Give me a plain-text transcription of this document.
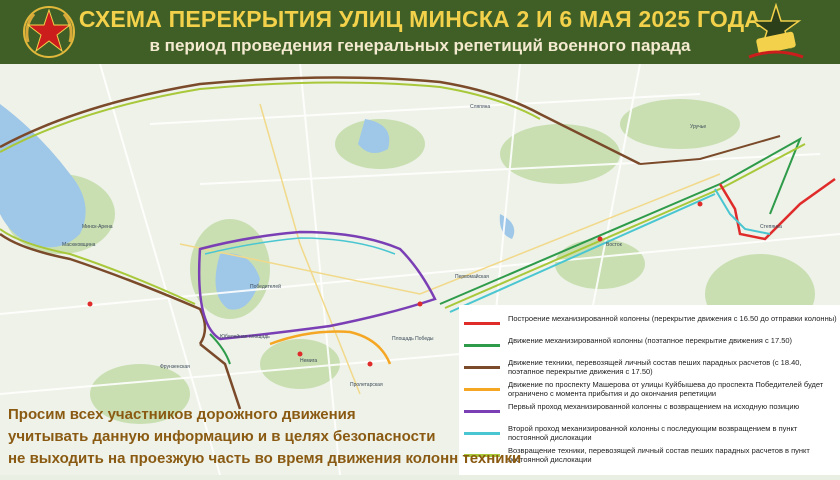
СХЕМА ПЕРЕКРЫТИЯ УЛИЦ МИНСКА 2 И 6 МАЯ 2025 ГОДА
в период проведения генеральных репетиций военного парада
Масюковщина
Минск-Арена
Немига
Победителей
Площадь Победы
Восток
Уручье
Степянка
Сляпяна
Юбилейная площадь
Фрунзенская
Первомайская
Пролетарская
Построение механизированной колонны (перекрытие движения с 16.50 до отправки колонны)
Движение механизированной колонны (поэтапное перекрытие движения с 17.50)
Движение техники, перевозящей личный состав пеших парадных расчетов (с 18.40, поэтапное перекрытие движения с 17.50)
Движение по проспекту Машерова от улицы Куйбышева до проспекта Победителей будет ограничено с момента прибытия и до окончания репетиции
Первый проход механизированной колонны с возвращением на исходную позицию
Второй проход механизированной колонны с последующим возвращением в пункт постоянной дислокации
Возвращение техники, перевозящей личный состав пеших парадных расчетов в пункт постоянной дислокации
Просим всех участников дорожного движения
учитывать данную информацию и в целях безопасности
не выходить на проезжую часть во время движения колонн техники
